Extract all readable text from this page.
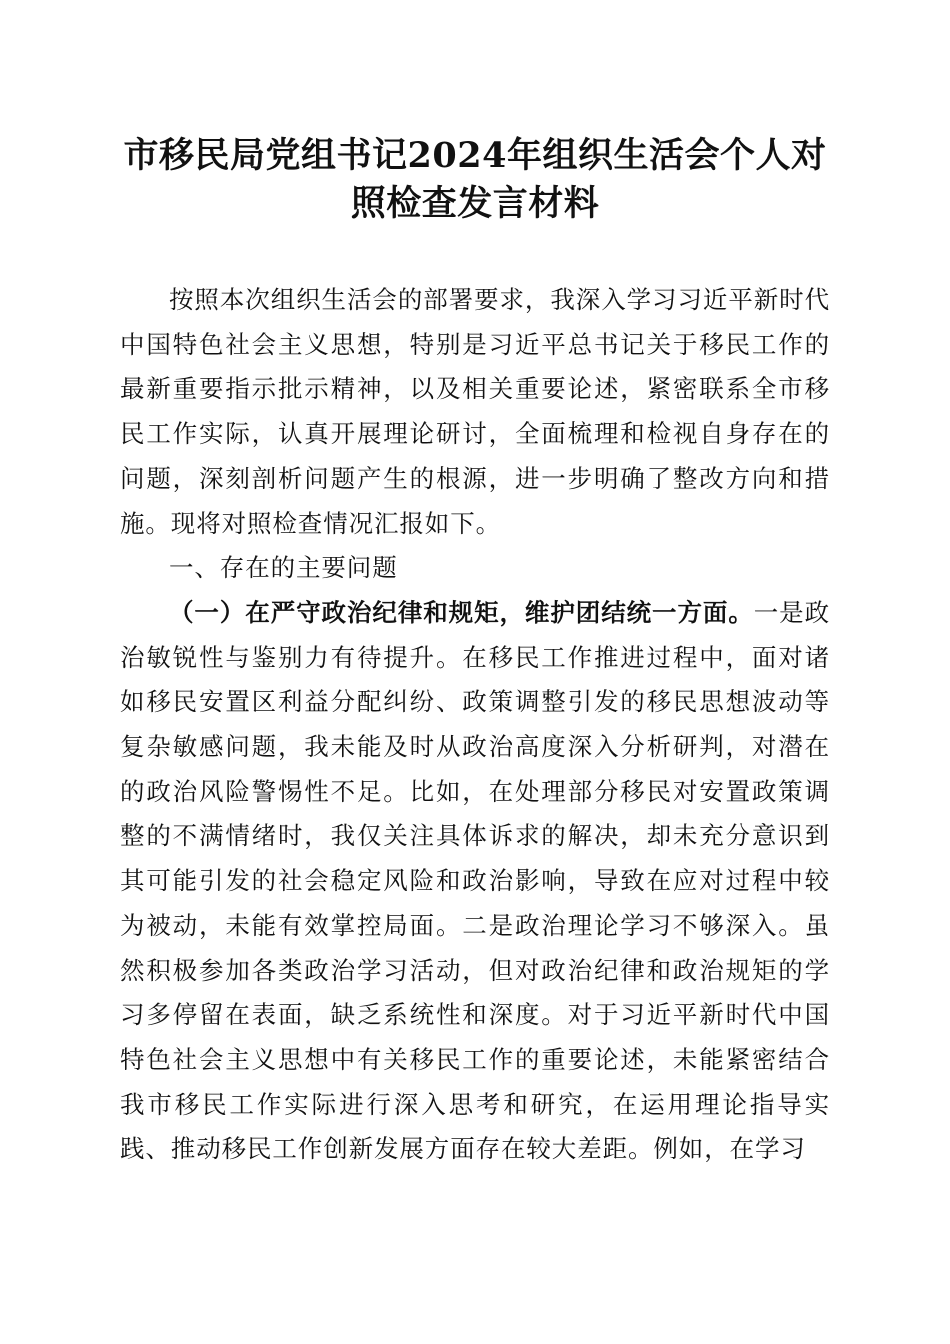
市移民局党组书记2024年组织生活会个人对照检查发言材料

按照本次组织生活会的部署要求，我深入学习习近平新时代中国特色社会主义思想，特别是习近平总书记关于移民工作的最新重要指示批示精神，以及相关重要论述，紧密联系全市移民工作实际，认真开展理论研讨，全面梳理和检视自身存在的问题，深刻剖析问题产生的根源，进一步明确了整改方向和措施。现将对照检查情况汇报如下。

一、存在的主要问题

（一）在严守政治纪律和规矩，维护团结统一方面。一是政治敏锐性与鉴别力有待提升。在移民工作推进过程中，面对诸如移民安置区利益分配纠纷、政策调整引发的移民思想波动等复杂敏感问题，我未能及时从政治高度深入分析研判，对潜在的政治风险警惕性不足。比如，在处理部分移民对安置政策调整的不满情绪时，我仅关注具体诉求的解决，却未充分意识到其可能引发的社会稳定风险和政治影响，导致在应对过程中较为被动，未能有效掌控局面。二是政治理论学习不够深入。虽然积极参加各类政治学习活动，但对政治纪律和政治规矩的学习多停留在表面，缺乏系统性和深度。对于习近平新时代中国特色社会主义思想中有关移民工作的重要论述，未能紧密结合我市移民工作实际进行深入思考和研究，在运用理论指导实践、推动移民工作创新发展方面存在较大差距。例如，在学习
